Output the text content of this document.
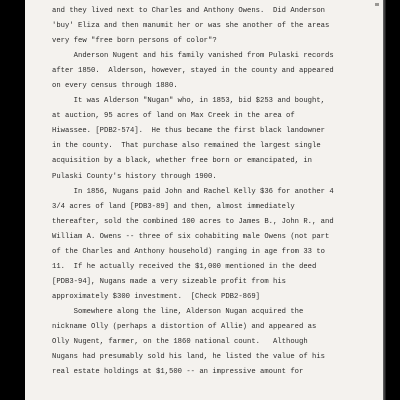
and they lived next to Charles and Anthony Owens.  Did Anderson
'buy' Eliza and then manumit her or was she another of the areas
very few "free born persons of color"?
Anderson Nugent and his family vanished from Pulaski records
after 1850.  Alderson, however, stayed in the county and appeared
on every census through 1880.
It was Alderson "Nugan" who, in 1853, bid $253 and bought,
at auction, 95 acres of land on Max Creek in the area of
Hiwassee. [PDB2-574].  He thus became the first black landowner
in the county.  That purchase also remained the largest single
acquisition by a black, whether free born or emancipated, in
Pulaski County's history through 1900.
In 1856, Nugans paid John and Rachel Kelly $36 for another 4
3/4 acres of land [PDB3-89] and then, almost immediately
thereafter, sold the combined 100 acres to James B., John R., and
William A. Owens -- three of six cohabiting male Owens (not part
of the Charles and Anthony household) ranging in age from 33 to
11.  If he actually received the $1,000 mentioned in the deed
[PDB3-94], Nugans made a very sizeable profit from his
approximately $300 investment.  [Check PDB2-869]
Somewhere along the line, Alderson Nugan acquired the
nickname Olly (perhaps a distortion of Allie) and appeared as
Olly Nugent, farmer, on the 1860 national count.   Although
Nugans had presumably sold his land, he listed the value of his
real estate holdings at $1,500 -- an impressive amount for
